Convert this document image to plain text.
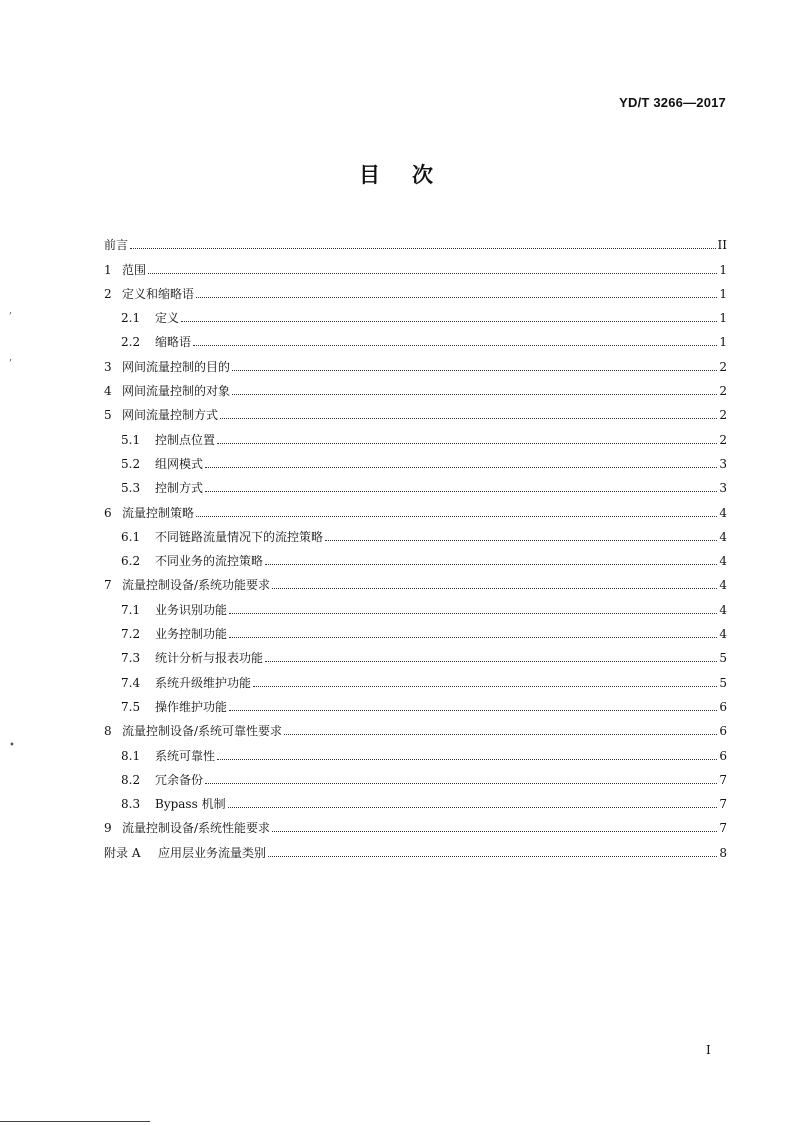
YD/T 3266—2017
目次
前言	II
1 范围	1
2 定义和缩略语	1
2.1	定义	1
2.2	缩略语	1
3 网间流量控制的目的	2
4 网间流量控制的对象	2
5 网间流量控制方式	2
5.1	控制点位置	2
5.2	组网模式	3
5.3	控制方式	3
6 流量控制策略	4
6.1	不同链路流量情况下的流控策略	4
6.2	不同业务的流控策略	4
7 流量控制设备/系统功能要求	4
7.1	业务识别功能	4
7.2	业务控制功能	4
7.3	统计分析与报表功能	5
7.4	系统升级维护功能	5
7.5	操作维护功能	6
8 流量控制设备/系统可靠性要求	6
8.1	系统可靠性	6
8.2	冗余备份	7
8.3	Bypass 机制	7
9 流量控制设备/系统性能要求	7
附录 A	应用层业务流量类别	8
I
,
,
•
